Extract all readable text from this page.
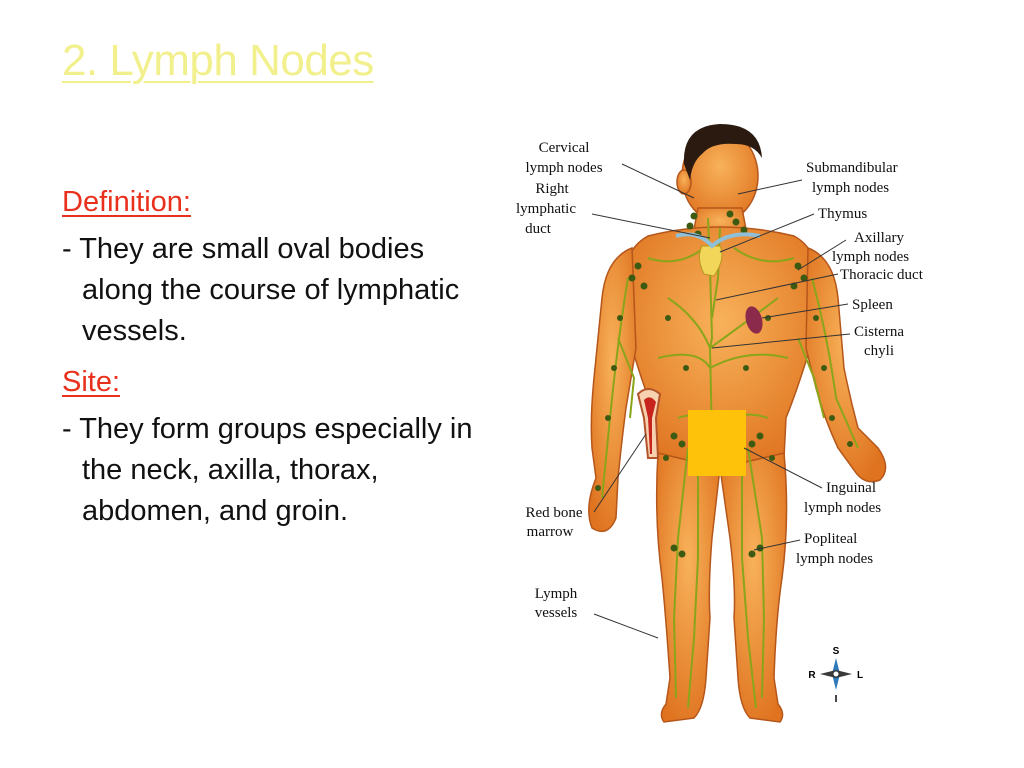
2. Lymph Nodes
Definition:
- They are small oval bodies along the course of lymphatic vessels.
Site:
- They form groups especially in the neck, axilla, thorax, abdomen, and groin.
Cervical
lymph nodes
Right
lymphatic
duct
Submandibular
lymph nodes
Thymus
Axillary
lymph nodes
Thoracic duct
Spleen
Cisterna
chyli
Red bone
marrow
Inguinal
lymph nodes
Popliteal
lymph nodes
Lymph
vessels
S
I
R	L
